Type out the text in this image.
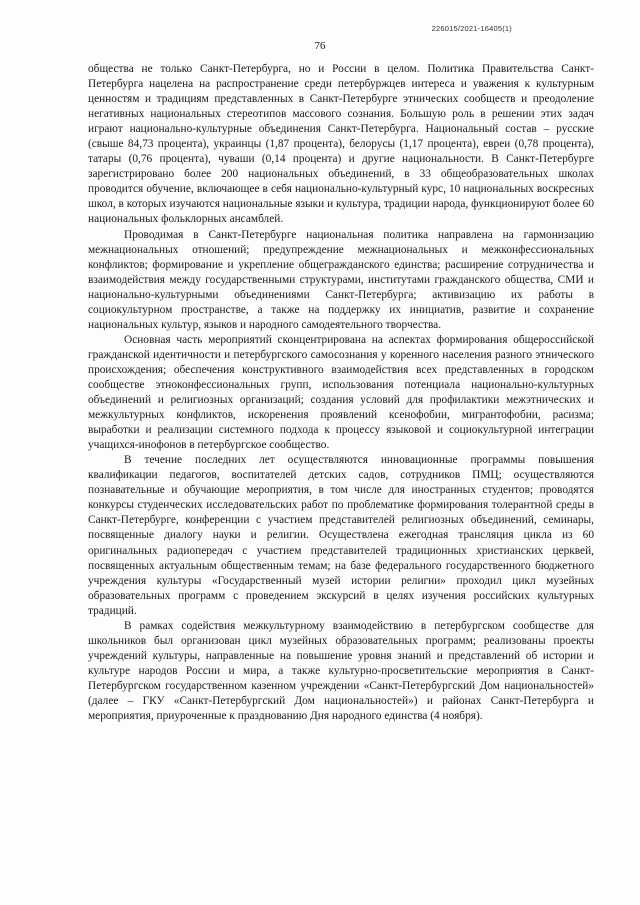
226015/2021-16405(1)
76

общества не только Санкт-Петербурга, но и России в целом. Политика Правительства Санкт-Петербурга нацелена на распространение среди петербуржцев интереса и уважения к культурным ценностям и традициям представленных в Санкт-Петербурге этнических сообществ и преодоление негативных национальных стереотипов массового сознания. Большую роль в решении этих задач играют национально-культурные объединения Санкт-Петербурга. Национальный состав – русские (свыше 84,73 процента), украинцы (1,87 процента), белорусы (1,17 процента), евреи (0,78 процента), татары (0,76 процента), чуваши (0,14 процента) и другие национальности. В Санкт-Петербурге зарегистрировано более 200 национальных объединений, в 33 общеобразовательных школах проводится обучение, включающее в себя национально-культурный курс, 10 национальных воскресных школ, в которых изучаются национальные языки и культура, традиции народа, функционируют более 60 национальных фольклорных ансамблей.

Проводимая в Санкт-Петербурге национальная политика направлена на гармонизацию межнациональных отношений; предупреждение межнациональных и межконфессиональных конфликтов; формирование и укрепление общегражданского единства; расширение сотрудничества и взаимодействия между государственными структурами, институтами гражданского общества, СМИ и национально-культурными объединениями Санкт-Петербурга; активизацию их работы в социокультурном пространстве, а также на поддержку их инициатив, развитие и сохранение национальных культур, языков и народного самодеятельного творчества.

Основная часть мероприятий сконцентрирована на аспектах формирования общероссийской гражданской идентичности и петербургского самосознания у коренного населения разного этнического происхождения; обеспечения конструктивного взаимодействия всех представленных в городском сообществе этноконфессиональных групп, использования потенциала национально-культурных объединений и религиозных организаций; создания условий для профилактики межэтнических и межкультурных конфликтов, искоренения проявлений ксенофобии, мигрантофобии, расизма; выработки и реализации системного подхода к процессу языковой и социокультурной интеграции учащихся-инофонов в петербургское сообщество.

В течение последних лет осуществляются инновационные программы повышения квалификации педагогов, воспитателей детских садов, сотрудников ПМЦ; осуществляются познавательные и обучающие мероприятия, в том числе для иностранных студентов; проводятся конкурсы студенческих исследовательских работ по проблематике формирования толерантной среды в Санкт-Петербурге, конференции с участием представителей религиозных объединений, семинары, посвященные диалогу науки и религии. Осуществлена ежегодная трансляция цикла из 60 оригинальных радиопередач с участием представителей традиционных христианских церквей, посвященных актуальным общественным темам; на базе федерального государственного бюджетного учреждения культуры «Государственный музей истории религии» проходил цикл музейных образовательных программ с проведением экскурсий в целях изучения российских культурных традиций.

В рамках содействия межкультурному взаимодействию в петербургском сообществе для школьников был организован цикл музейных образовательных программ; реализованы проекты учреждений культуры, направленные на повышение уровня знаний и представлений об истории и культуре народов России и мира, а также культурно-просветительские мероприятия в Санкт-Петербургском государственном казенном учреждении «Санкт-Петербургский Дом национальностей» (далее – ГКУ «Санкт-Петербургский Дом национальностей») и районах Санкт-Петербурга и мероприятия, приуроченные к празднованию Дня народного единства (4 ноября).
